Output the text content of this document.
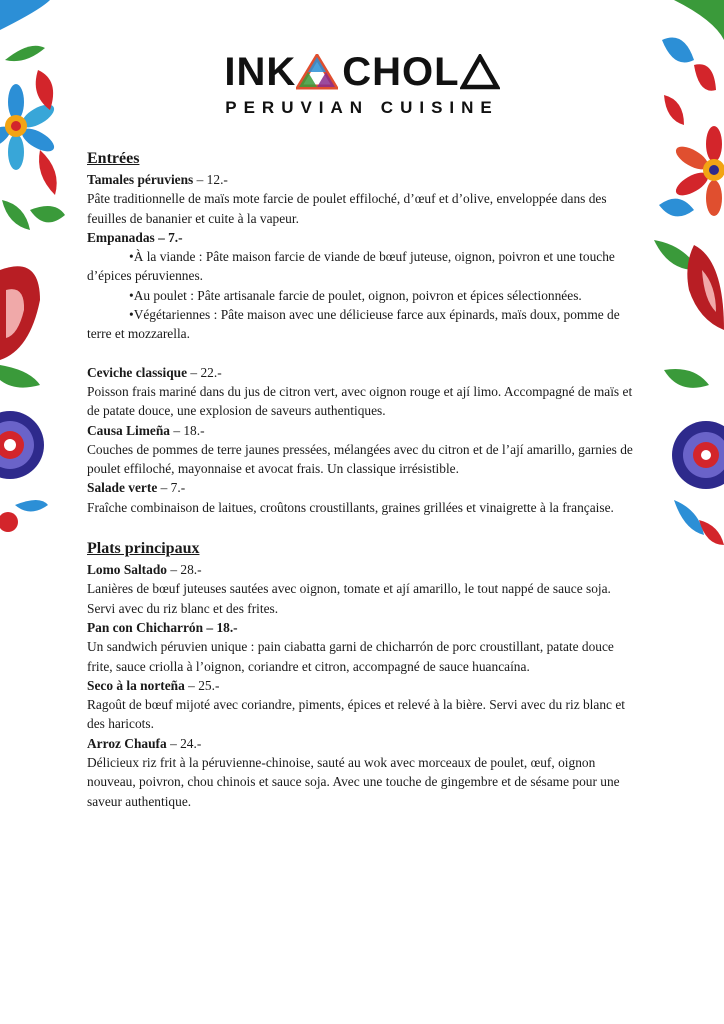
INK CHOL
PERUVIAN CUISINE
Entrées
Tamales péruviens – 12.-

Pâte traditionnelle de maïs mote farcie de poulet effiloché, d’œuf et d’olive, enveloppée dans des feuilles de bananier et cuite à la vapeur.

Empanadas – 7.-

•À la viande : Pâte maison farcie de viande de bœuf juteuse, oignon, poivron et une touche d’épices péruviennes.

•Au poulet : Pâte artisanale farcie de poulet, oignon, poivron et épices sélectionnées.

•Végétariennes : Pâte maison avec une délicieuse farce aux épinards, maïs doux, pomme de terre et mozzarella.

Ceviche classique – 22.-

Poisson frais mariné dans du jus de citron vert, avec oignon rouge et ají limo. Accompagné de maïs et de patate douce, une explosion de saveurs authentiques.

Causa Limeña – 18.-

Couches de pommes de terre jaunes pressées, mélangées avec du citron et de l’ají amarillo, garnies de poulet effiloché, mayonnaise et avocat frais. Un classique irrésistible.

Salade verte – 7.-

Fraîche combinaison de laitues, croûtons croustillants, graines grillées et vinaigrette à la française.

Plats principaux
Lomo Saltado – 28.-

Lanières de bœuf juteuses sautées avec oignon, tomate et ají amarillo, le tout nappé de sauce soja. Servi avec du riz blanc et des frites.

Pan con Chicharrón – 18.-

Un sandwich péruvien unique : pain ciabatta garni de chicharrón de porc croustillant, patate douce frite, sauce criolla à l’oignon, coriandre et citron, accompagné de sauce huancaína.

Seco à la norteña – 25.-

Ragoût de bœuf mijoté avec coriandre, piments, épices et relevé à la bière. Servi avec du riz blanc et des haricots.

Arroz Chaufa – 24.-

Délicieux riz frit à la péruvienne-chinoise, sauté au wok avec morceaux de poulet, œuf, oignon nouveau, poivron, chou chinois et sauce soja. Avec une touche de gingembre et de sésame pour une saveur authentique.
